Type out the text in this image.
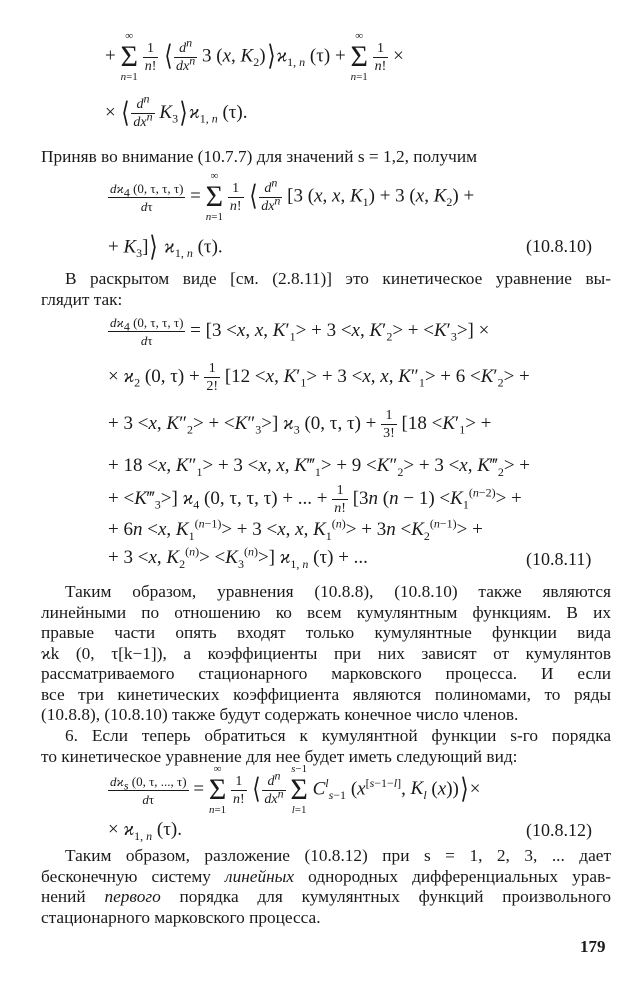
+
∞
Σ
n=1

$\frac{1}{n!}$ ⟨ $d^n$
$dx^n$ 3 (x, $K_2)⟩ϰ_{1, n}$ (τ) +
∞
Σ
n=1

$\frac{1}{n!}$ ×
× ⟨ $d^n$
$dx^n$ $K_3⟩ϰ_{1, n}$ (τ).
Приняв во внимание (10.7.7) для значений s = 1,2, получим
$\frac{dϰ_4 (0, \tau, \tau, \tau)}{d\tau}$ =
∞
Σ
n=1

$\frac{1}{n!}$ ⟨ $d^n$
$dx^n$ [3 (x, x, $K_1) + 3$ (x, $K_2$) +
+ $K_3]⟩$ $ϰ_{1, n}$ (τ).	(10.8.10)
В раскрытом виде [см. (2.8.11)] это кинетическое уравнение вы-
глядит так:
$\frac{dϰ_4 (0, \tau, \tau, \tau)}{d\tau} = [3 <x$, x, $K'_1> + 3 <x$, $K'_2> + <K'_3>$] ×
× $ϰ_2$ (0, $\tau) + \frac{1}{2!} [12 <x$, $K'_1> + 3 <x$, x, $K''_1> + 6 <K'_2>$ +
+ 3 <x, $K''_2> + <K''_3>$] $ϰ_3$ (0, τ, $\tau) + \frac{1}{3!} [18 <K'_1>$ +
+ 18 <x, $K''_1> + 3 <x$, x, $K‴_1> + 9 <K''_2> + 3 <x$, $K‴_2>$ +
+ $<K‴_3>$] $ϰ_4$ (0, τ, τ, τ) + ... + $\frac{1}{n!} [3n$ $(n - 1) <K_1^{(n-2)}>$ +
+ 6n <x, $K_1^{(n-1)}> + 3 <x$, x, $K_1^{(n)}> + 3n <K_2^{(n-1)}>$ +
+ 3 <x, $K_2^{(n)}> <K_3^{(n)}>$] $ϰ_{1, n}$ (τ) + ...	(10.8.11)
Таким образом, уравнения (10.8.8), (10.8.10) также являются
линейными по отношению ко всем кумулянтным функциям. В их
правые части опять входят только кумулянтные функции вида
ϰk (0, τ[k−1]), а коэффициенты при них зависят от кумулянтов
рассматриваемого стационарного марковского процесса. И если
все три кинетических коэффициента являются полиномами, то ряды
(10.8.8), (10.8.10) также будут содержать конечное число членов.
6. Если теперь обратиться к кумулянтной функции s-го порядка
то кинетическое уравнение для нее будет иметь следующий вид:
$dϰ_s$ (0, τ, ..., τ)
dτ	=
∞
Σ
n=1

$\frac{1}{n!}$ ⟨ $d^n$
$dx^n$

s−1
Σ
l=1
$C^l_{s-1}$ (x[s−1−l], $K_l$ (x))⟩×
× $ϰ_{1, n}$ (τ).	(10.8.12)
Таким образом, разложение (10.8.12) при s = 1, 2, 3, ... дает
бесконечную систему линейных однородных дифференциальных урав-
нений первого порядка для кумулянтных функций произвольного
стационарного марковского процесса.
179
